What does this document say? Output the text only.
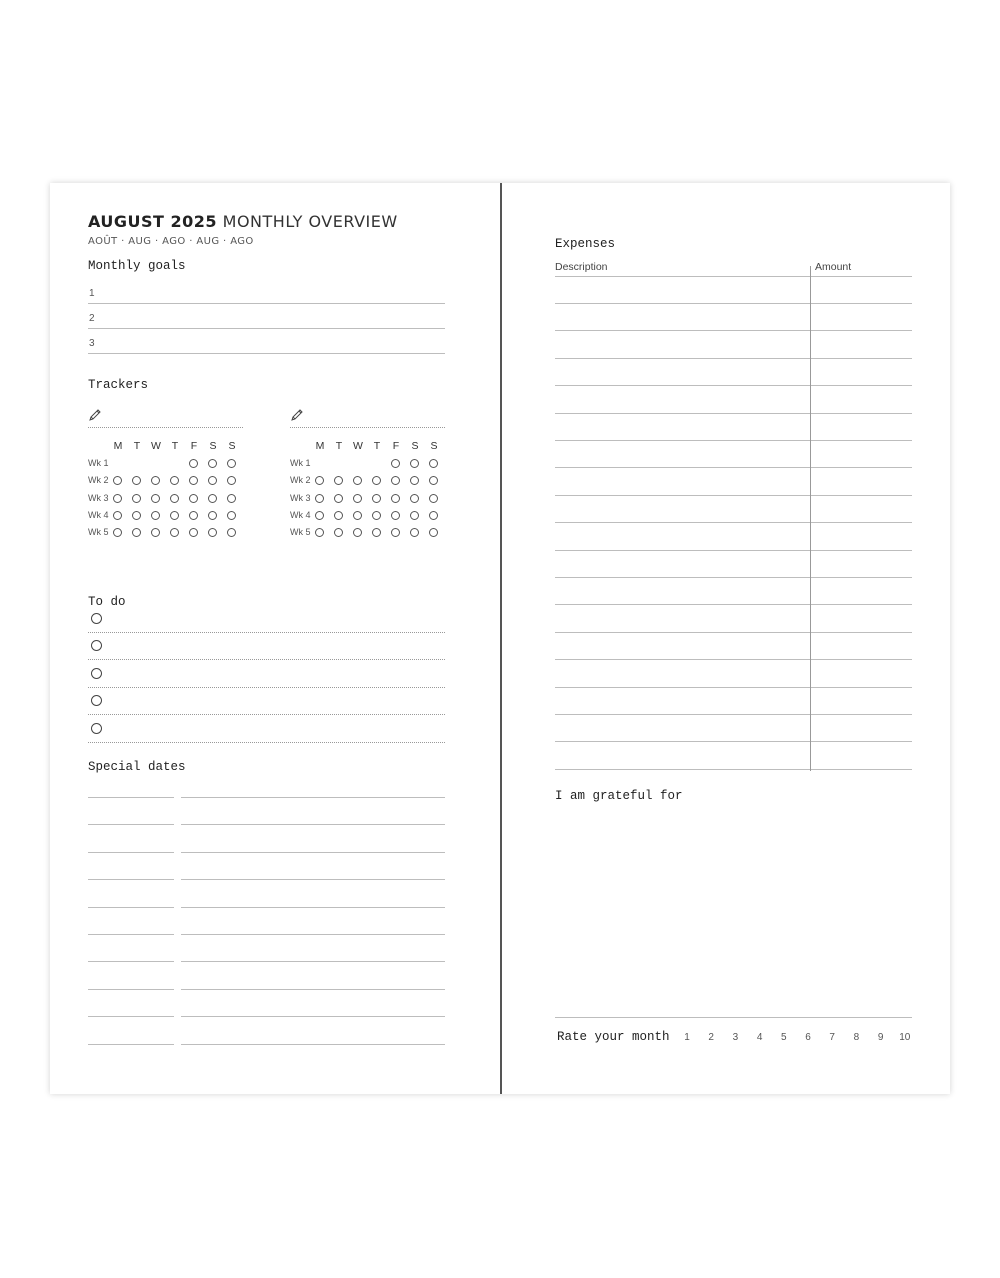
AUGUST 2025 MONTHLY OVERVIEW
AOÛT · AUG · AGO · AUG · AGO
Monthly goals
1
2
3
Trackers
M T W T F S S
Wk 1
Wk 2
Wk 3
Wk 4
Wk 5
M T W T F S S
Wk 1
Wk 2
Wk 3
Wk 4
Wk 5
To do
Special dates
Expenses
Description	Amount
I am grateful for
Rate your month	1	2	3	4	5	6	7	8	9	10
